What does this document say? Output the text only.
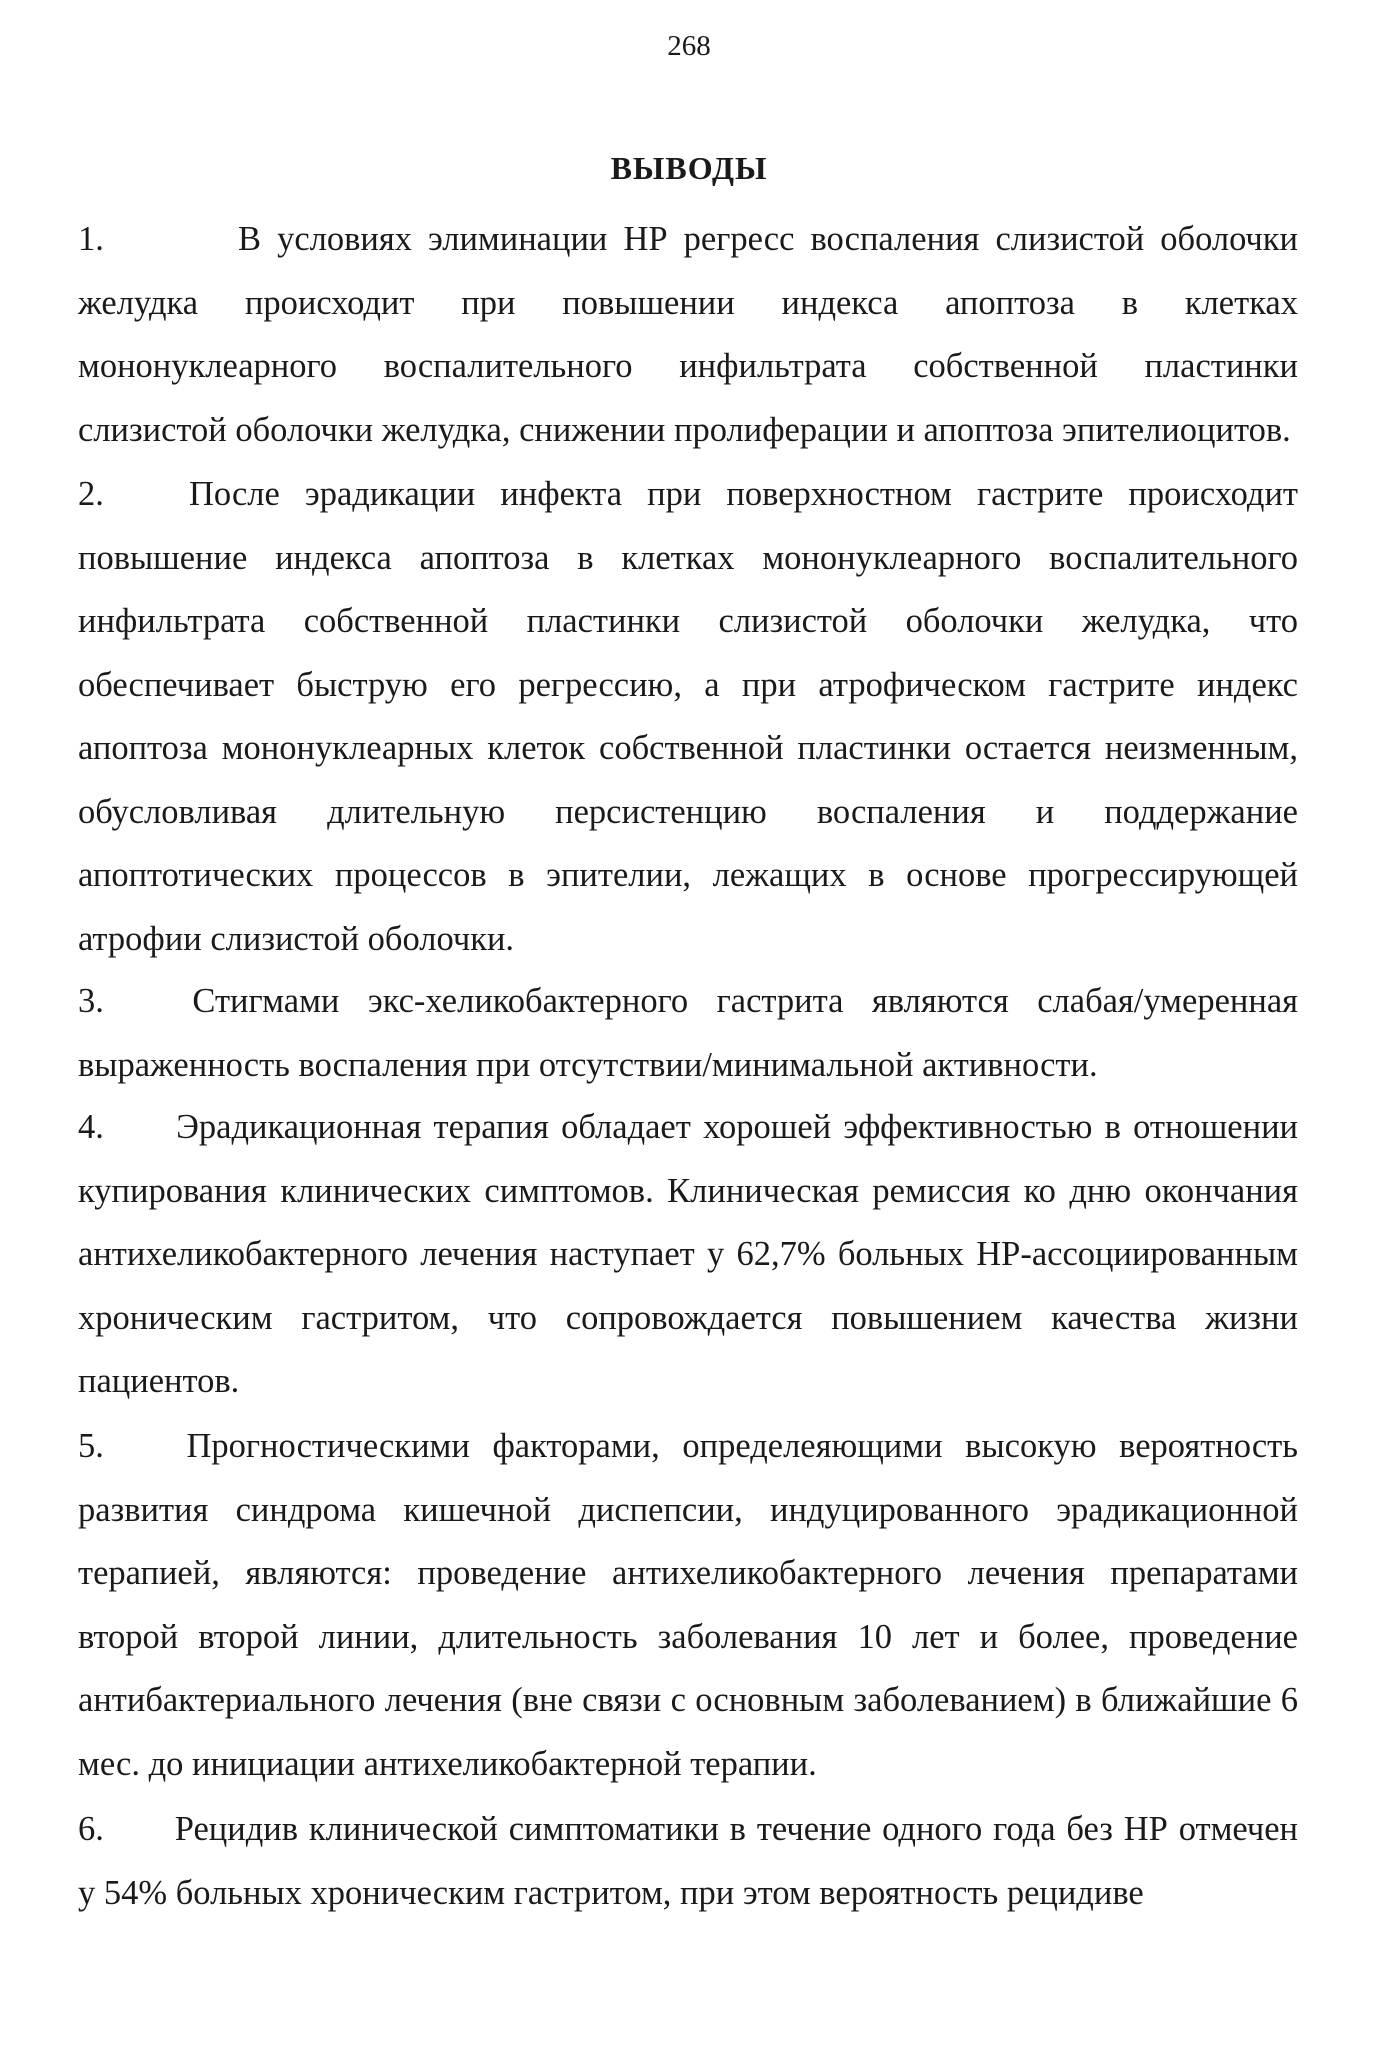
268
ВЫВОДЫ
1.	В условиях элиминации НР регресс воспаления слизистой оболочки желудка происходит при повышении индекса апоптоза в клетках мононуклеарного воспалительного инфильтрата собственной пластинки слизистой оболочки желудка, снижении пролиферации и апоптоза эпителиоцитов.
2. После эрадикации инфекта при поверхностном гастрите происходит повышение индекса апоптоза в клетках мононуклеарного воспалительного инфильтрата собственной пластинки слизистой оболочки желудка, что обеспечивает быструю его регрессию, а при атрофическом гастрите индекс апоптоза мононуклеарных клеток собственной пластинки остается неизменным, обусловливая длительную персистенцию воспаления и поддержание апоптотических процессов в эпителии, лежащих в основе прогрессирующей атрофии слизистой оболочки.
3.	Стигмами экс-хеликобактерного гастрита являются слабая/умеренная выраженность воспаления при отсутствии/минимальной активности.
4. Эрадикационная терапия обладает хорошей эффективностью в отношении купирования клинических симптомов. Клиническая ремиссия ко дню окончания антихеликобактерного лечения наступает у 62,7% больных НР-ассоциированным хроническим гастритом, что сопровождается повышением качества жизни пациентов.
5. Прогностическими факторами, определеяющими высокую вероятность развития синдрома кишечной диспепсии, индуцированного эрадикационной терапией, являются: проведение антихеликобактерного лечения препаратами второй второй линии, длительность заболевания 10 лет и более, проведение антибактериального лечения (вне связи с основным заболеванием) в ближайшие 6 мес. до инициации антихеликобактерной терапии.
6. Рецидив клинической симптоматики в течение одного года без НР отмечен у 54% больных хроническим гастритом, при этом вероятность рецидиве
